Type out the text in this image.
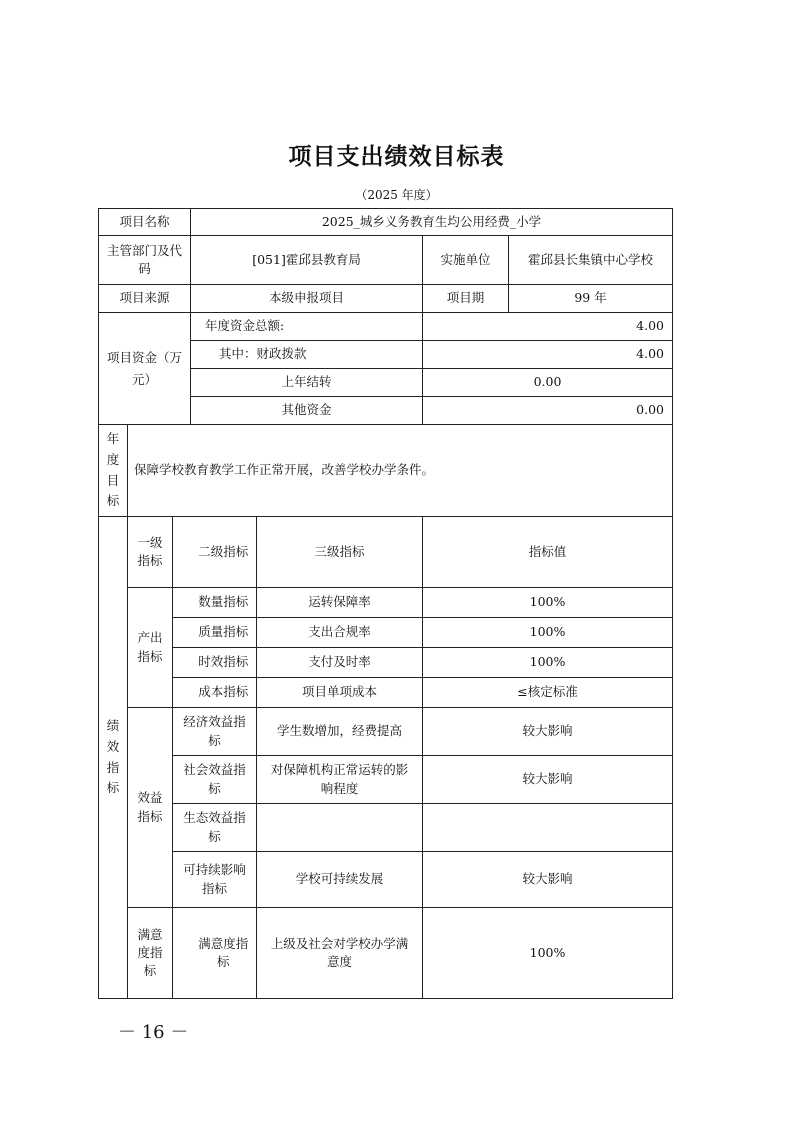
项目支出绩效目标表
（2025 年度）
项目名称			2025_城乡义务教育生均公用经费_小学			
主管部门及代码			[051]霍邱县教育局		实施单位	霍邱县长集镇中心学校
项目来源			本级申报项目		项目期	99 年

项目资金（万元）			年度资金总额:		4.00	
			其中：财政拨款		4.00	
			上年结转		0.00	
			其他资金		0.00	
年度目标	保障学校教育教学工作正常开展，改善学校办学条件。					
绩效指标	一级指标		二级指标	三级指标	指标值	

	产出指标		数量指标	运转保障率	100%	
			质量指标	支出合规率	100%	
			时效指标	支付及时率	100%	
			成本指标	项目单项成本	≤核定标准	

	效益指标	经济效益指标		学生数增加，经费提高	较大影响	

		社会效益指标		对保障机构正常运转的影响程度	较大影响	

		生态效益指标				

		可持续影响指标		学校可持续发展	较大影响	

	满意度指标		满意度指标	上级及社会对学校办学满意度	100%	
－ 16 －
